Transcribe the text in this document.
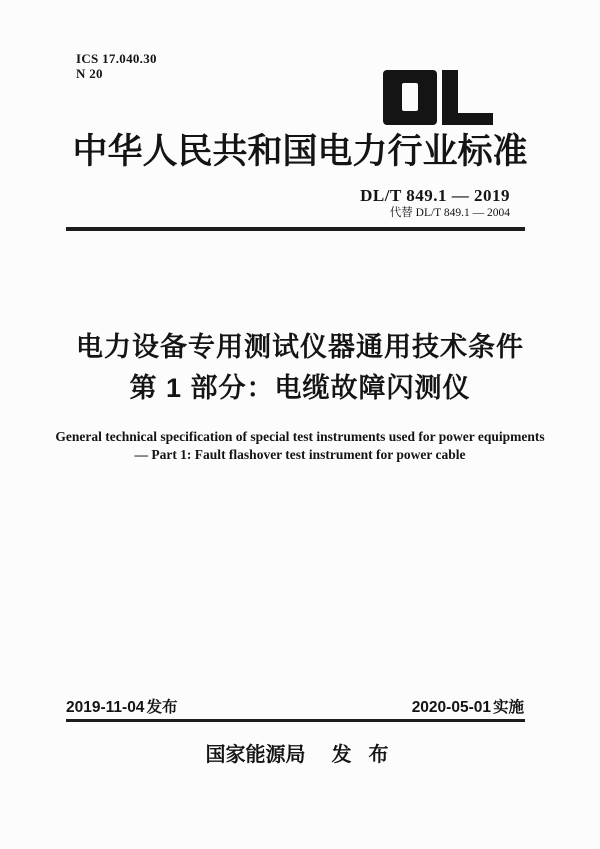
ICS 17.040.30
N 20
中华人民共和国电力行业标准
DL/T 849.1 — 2019
代替 DL/T 849.1 — 2004
电力设备专用测试仪器通用技术条件
第 1 部分：电缆故障闪测仪
General technical specification of special test instruments used for power equipments
— Part 1: Fault flashover test instrument for power cable
2019-11-04 发布	2020-05-01 实施
国家能源局 发 布
